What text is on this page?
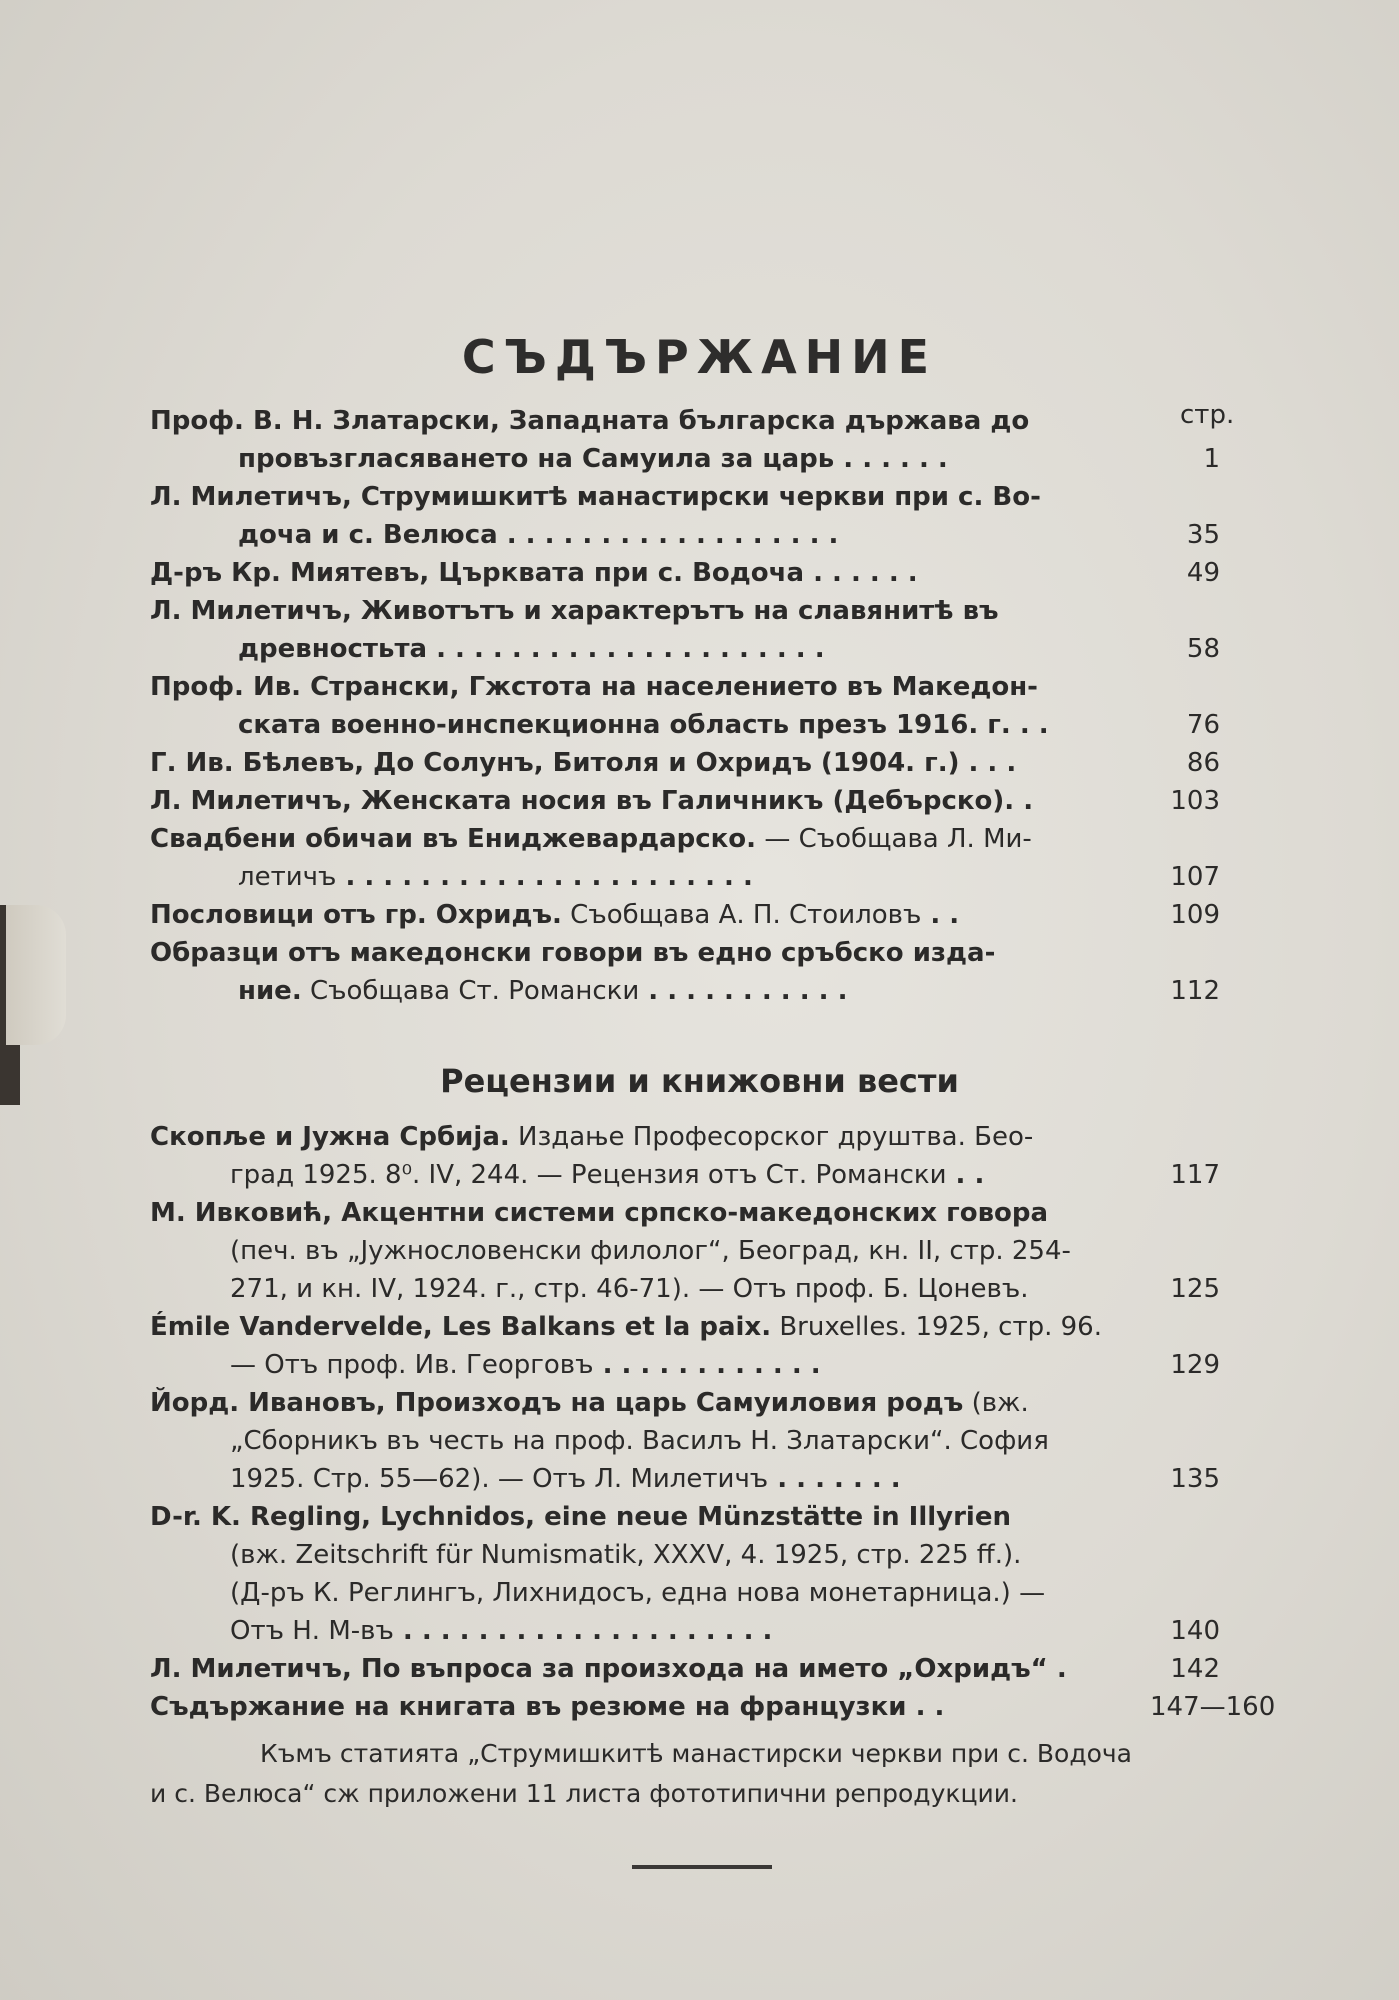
СЪДЪРЖАНИЕ
стр.
Проф. В. Н. Златарски, Западната българска държава до
провъзгласяването на Самуила за царь . . . . . .	1
Л. Милетичъ, Струмишкитѣ манастирски черкви при с. Во-
доча и с. Велюса . . . . . . . . . . . . . . . . . .	35
Д-ръ Кр. Миятевъ, Църквата при с. Водоча . . . . . .	49
Л. Милетичъ, Животътъ и характерътъ на славянитѣ въ
древностьта . . . . . . . . . . . . . . . . . . . . .	58
Проф. Ив. Странски, Гжстота на населението въ Македон-
ската военно-инспекционна область презъ 1916. г. . .	76
Г. Ив. Бѣлевъ, До Солунъ, Битоля и Охридъ (1904. г.) . . .	86
Л. Милетичъ, Женската носия въ Галичникъ (Дебърско). .	103
Свадбени обичаи въ Ениджевардарско. — Съобщава Л. Ми-
летичъ . . . . . . . . . . . . . . . . . . . . . .	107
Пословици отъ гр. Охридъ. Съобщава А. П. Стоиловъ . .	109
Образци отъ македонски говори въ едно сръбско изда-
ние. Съобщава Ст. Романски . . . . . . . . . . .	112
Рецензии и книжовни вести
Скопље и Јужна Србија. Издање Професорског друштва. Бео-
град 1925. 8⁰. IV, 244. — Рецензия отъ Ст. Романски . .	117
М. Ивковић, Акцентни системи српско-македонских говора
(печ. въ „Јужнословенски филолог“, Београд, кн. II, стр. 254-
271, и кн. IV, 1924. г., стр. 46-71). — Отъ проф. Б. Цоневъ.	125
Émile Vandervelde, Les Balkans et la paix. Bruxelles. 1925, стр. 96.
— Отъ проф. Ив. Георговъ . . . . . . . . . . . .	129
Йорд. Ивановъ, Произходъ на царь Самуиловия родъ (вж.
„Сборникъ въ честь на проф. Василъ Н. Златарски“. София
1925. Стр. 55—62). — Отъ Л. Милетичъ . . . . . . .	135
D-r. K. Regling, Lychnidos, eine neue Münzstätte in Illyrien
(вж. Zeitschrift für Numismatik, XXXV, 4. 1925, стр. 225 ff.).
(Д-ръ К. Реглингъ, Лихнидосъ, една нова монетарница.) —
Отъ Н. М-въ . . . . . . . . . . . . . . . . . . . .	140
Л. Милетичъ, По въпроса за произхода на името „Охридъ“ .	142
Съдържание на книгата въ резюме на французки . .	147—160
Къмъ статията „Струмишкитѣ манастирски черкви при с. Водоча
и с. Велюса“ сж приложени 11 листа фототипични репродукции.
